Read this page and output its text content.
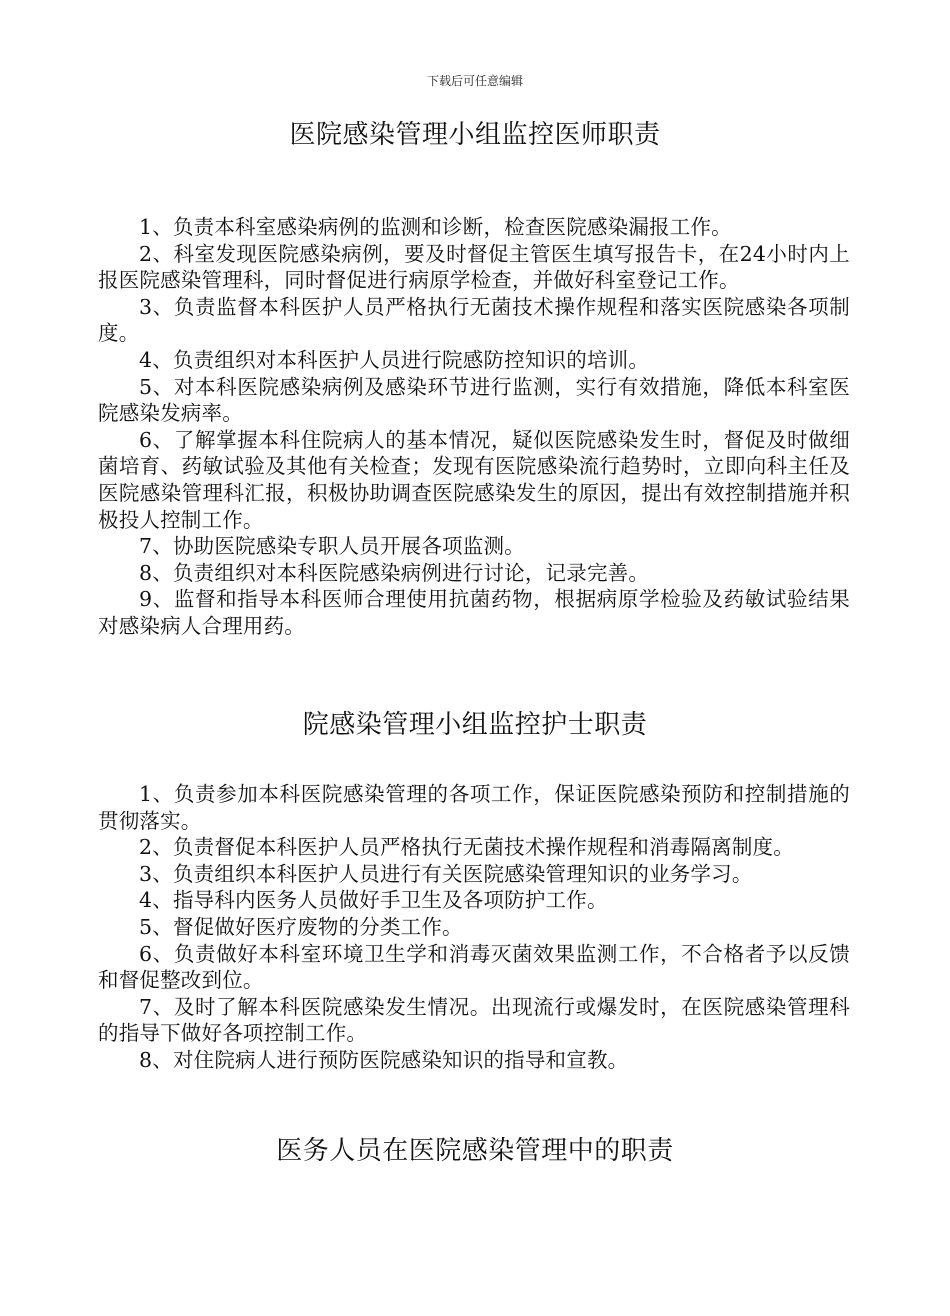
下载后可任意编辑
医院感染管理小组监控医师职责

1、负责本科室感染病例的监测和诊断，检查医院感染漏报工作。

2、科室发现医院感染病例，要及时督促主管医生填写报告卡，在24小时内上报医院感染管理科，同时督促进行病原学检查，并做好科室登记工作。

3、负责监督本科医护人员严格执行无菌技术操作规程和落实医院感染各项制度。

4、负责组织对本科医护人员进行院感防控知识的培训。

5、对本科医院感染病例及感染环节进行监测，实行有效措施，降低本科室医院感染发病率。

6、了解掌握本科住院病人的基本情况，疑似医院感染发生时，督促及时做细菌培育、药敏试验及其他有关检查；发现有医院感染流行趋势时，立即向科主任及医院感染管理科汇报，积极协助调查医院感染发生的原因，提出有效控制措施并积极投人控制工作。

7、协助医院感染专职人员开展各项监测。

8、负责组织对本科医院感染病例进行讨论，记录完善。

9、监督和指导本科医师合理使用抗菌药物，根据病原学检验及药敏试验结果对感染病人合理用药。

院感染管理小组监控护士职责

1、负责参加本科医院感染管理的各项工作，保证医院感染预防和控制措施的贯彻落实。

2、负责督促本科医护人员严格执行无菌技术操作规程和消毒隔离制度。

3、负责组织本科医护人员进行有关医院感染管理知识的业务学习。

4、指导科内医务人员做好手卫生及各项防护工作。

5、督促做好医疗废物的分类工作。

6、负责做好本科室环境卫生学和消毒灭菌效果监测工作，不合格者予以反馈和督促整改到位。

7、及时了解本科医院感染发生情况。出现流行或爆发时，在医院感染管理科的指导下做好各项控制工作。

8、对住院病人进行预防医院感染知识的指导和宣教。

医务人员在医院感染管理中的职责
